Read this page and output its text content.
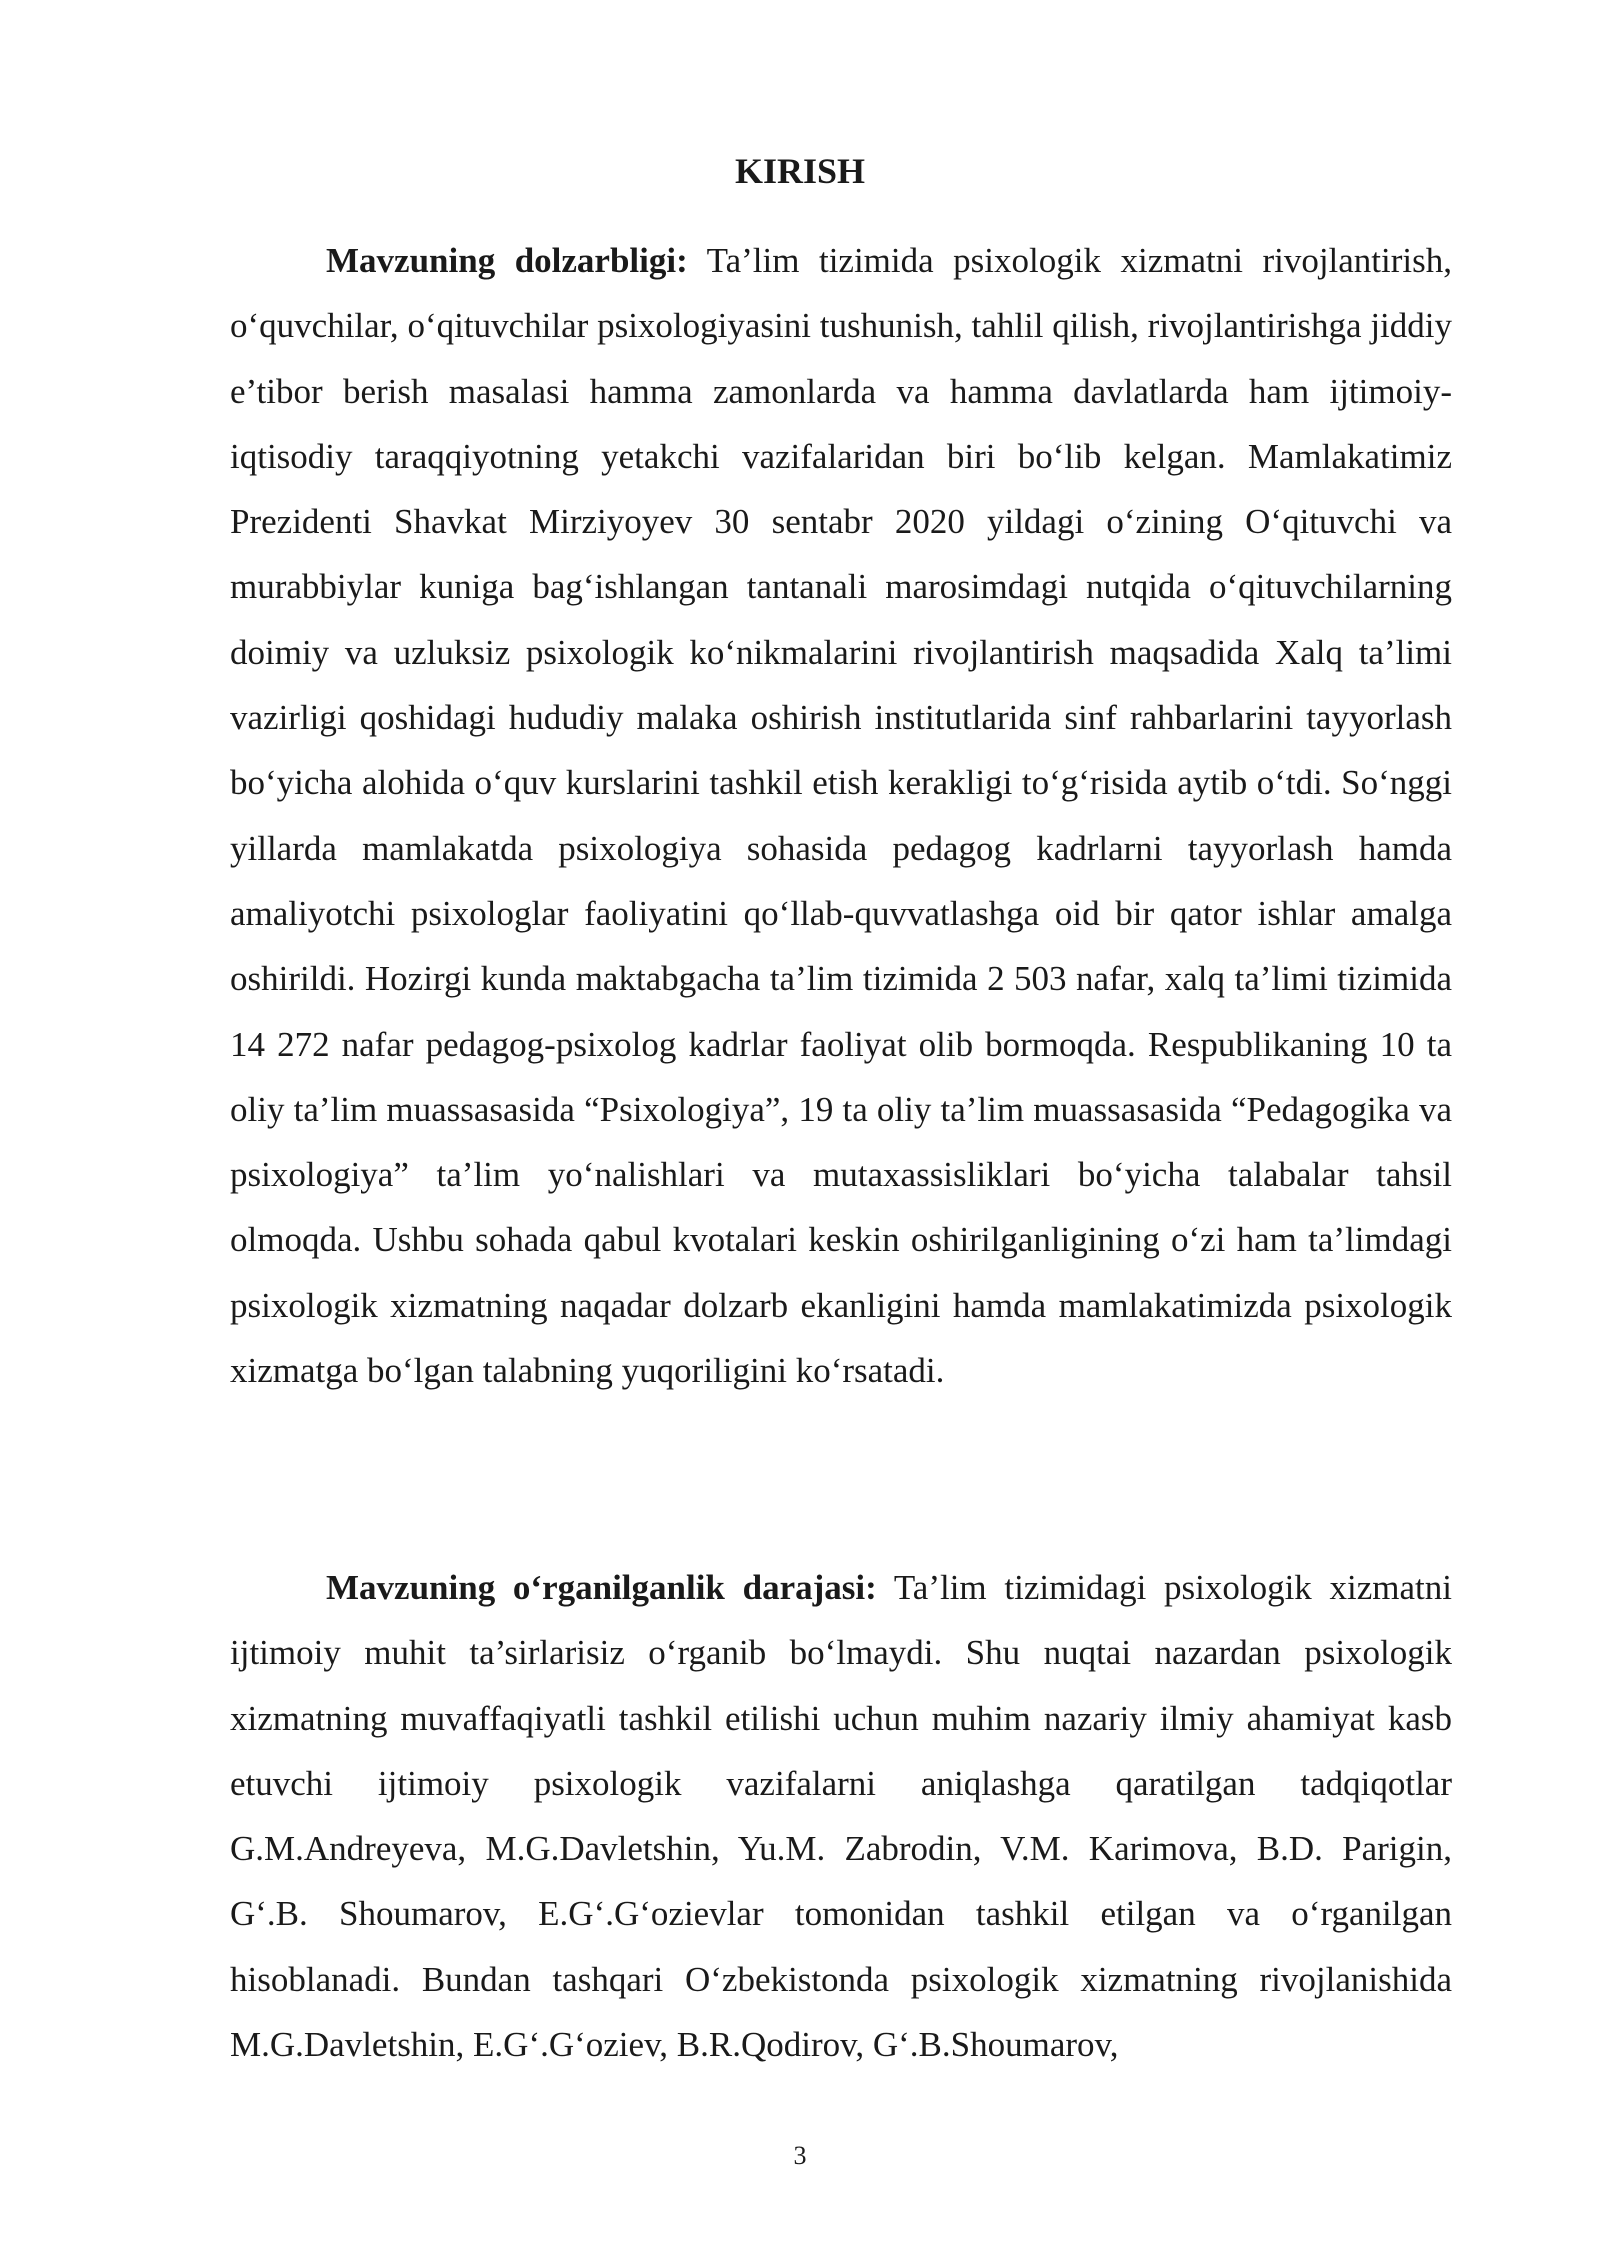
KIRISH

Mavzuning dolzarbligi: Ta’lim tizimida psixologik xizmatni rivojlantirish, o‘quvchilar, o‘qituvchilar psixologiyasini tushunish, tahlil qilish, rivojlantirishga jiddiy e’tibor berish masalasi hamma zamonlarda va hamma davlatlarda ham ijtimoiy-iqtisodiy taraqqiyotning yetakchi vazifalaridan biri bo‘lib kelgan. Mamlakatimiz Prezidenti Shavkat Mirziyoyev 30 sentabr 2020 yildagi o‘zining O‘qituvchi va murabbiylar kuniga bag‘ishlangan tantanali marosimdagi nutqida o‘qituvchilarning doimiy va uzluksiz psixologik ko‘nikmalarini rivojlantirish maqsadida Xalq ta’limi vazirligi qoshidagi hududiy malaka oshirish institutlarida sinf rahbarlarini tayyorlash bo‘yicha alohida o‘quv kurslarini tashkil etish kerakligi to‘g‘risida aytib o‘tdi. So‘nggi yillarda mamlakatda psixologiya sohasida pedagog kadrlarni tayyorlash hamda amaliyotchi psixologlar faoliyatini qo‘llab-quvvatlashga oid bir qator ishlar amalga oshirildi. Hozirgi kunda maktabgacha ta’lim tizimida 2 503 nafar, xalq ta’limi tizimida 14 272 nafar pedagog-psixolog kadrlar faoliyat olib bormoqda. Respublikaning 10 ta oliy ta’lim muassasasida “Psixologiya”, 19 ta oliy ta’lim muassasasida “Pedagogika va psixologiya” ta’lim yo‘nalishlari va mutaxassisliklari bo‘yicha talabalar tahsil olmoqda. Ushbu sohada qabul kvotalari keskin oshirilganligining o‘zi ham ta’limdagi psixologik xizmatning naqadar dolzarb ekanligini hamda mamlakatimizda psixologik xizmatga bo‘lgan talabning yuqoriligini ko‘rsatadi.

Mavzuning o‘rganilganlik darajasi: Ta’lim tizimidagi psixologik xizmatni ijtimoiy muhit ta’sirlarisiz o‘rganib bo‘lmaydi. Shu nuqtai nazardan psixologik xizmatning muvaffaqiyatli tashkil etilishi uchun muhim nazariy ilmiy ahamiyat kasb etuvchi ijtimoiy psixologik vazifalarni aniqlashga qaratilgan tadqiqotlar G.M.Andreyeva, M.G.Davletshin, Yu.M. Zabrodin, V.M. Karimova, B.D. Parigin, G‘.B. Shoumarov, E.G‘.G‘ozievlar tomonidan tashkil etilgan va o‘rganilgan hisoblanadi. Bundan tashqari O‘zbekistonda psixologik xizmatning rivojlanishida M.G.Davletshin, E.G‘.G‘oziev, B.R.Qodirov, G‘.B.Shoumarov,

3
